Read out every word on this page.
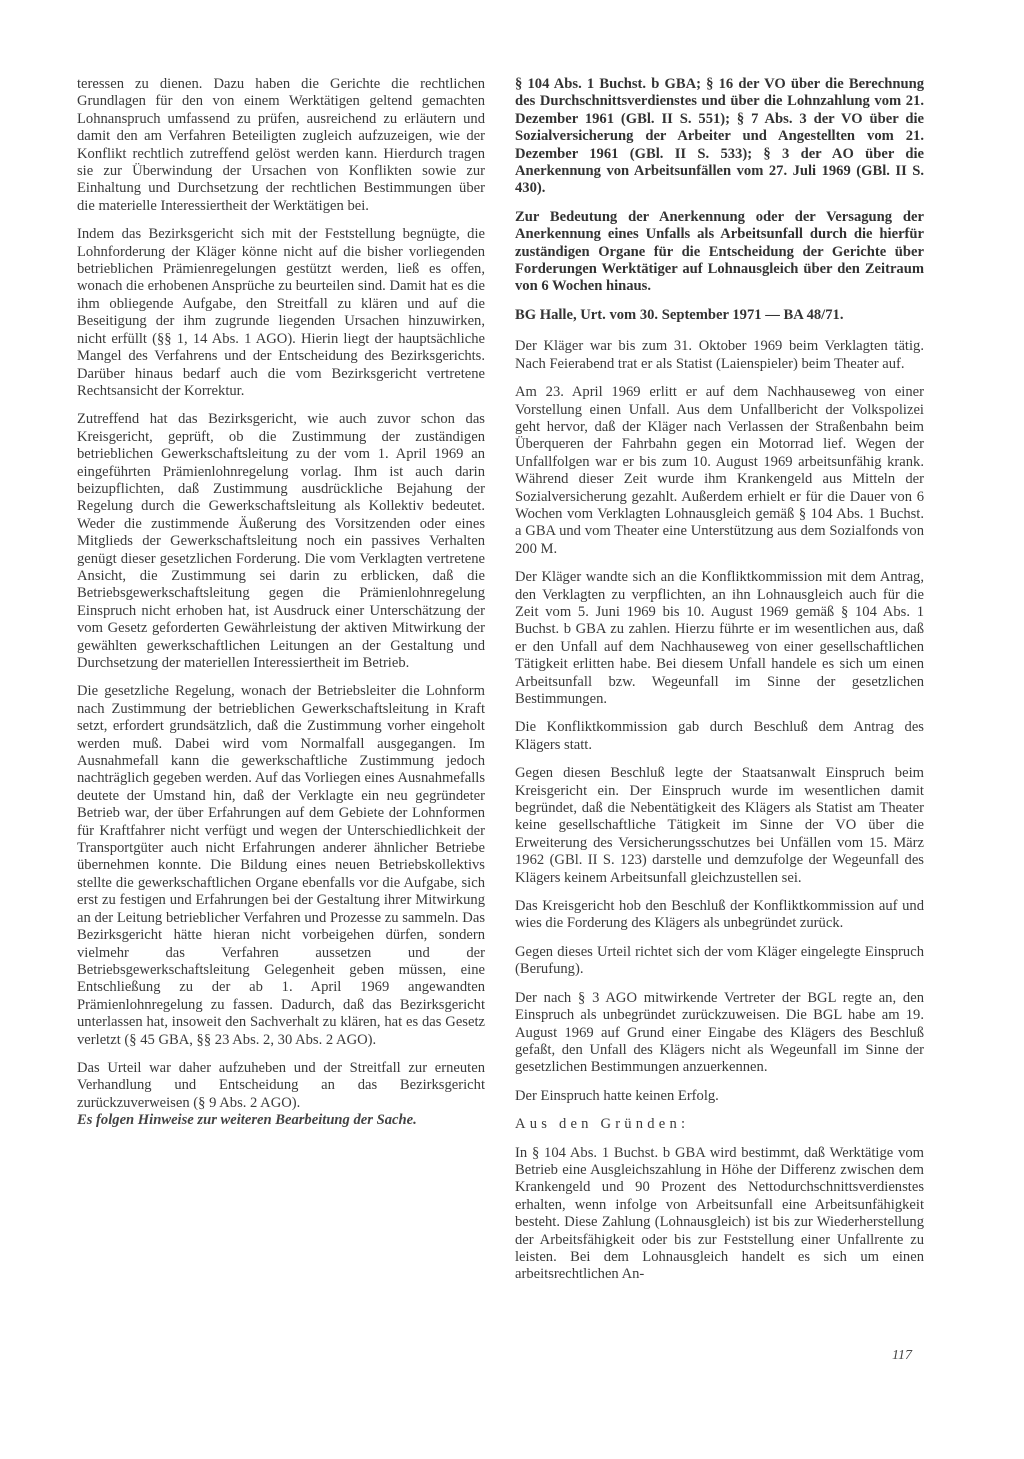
teressen zu dienen. Dazu haben die Gerichte die rechtlichen Grundlagen für den von einem Werktätigen geltend gemachten Lohnanspruch umfassend zu prüfen, ausreichend zu erläutern und damit den am Verfahren Beteiligten zugleich aufzuzeigen, wie der Konflikt rechtlich zutreffend gelöst werden kann. Hierdurch tragen sie zur Überwindung der Ursachen von Konflikten sowie zur Einhaltung und Durchsetzung der rechtlichen Bestimmungen über die materielle Interessiertheit der Werktätigen bei.

Indem das Bezirksgericht sich mit der Feststellung begnügte, die Lohnforderung der Kläger könne nicht auf die bisher vorliegenden betrieblichen Prämienregelungen gestützt werden, ließ es offen, wonach die erhobenen Ansprüche zu beurteilen sind. Damit hat es die ihm obliegende Aufgabe, den Streitfall zu klären und auf die Beseitigung der ihm zugrunde liegenden Ursachen hinzuwirken, nicht erfüllt (§§ 1, 14 Abs. 1 AGO). Hierin liegt der hauptsächliche Mangel des Verfahrens und der Entscheidung des Bezirksgerichts. Darüber hinaus bedarf auch die vom Bezirksgericht vertretene Rechtsansicht der Korrektur.

Zutreffend hat das Bezirksgericht, wie auch zuvor schon das Kreisgericht, geprüft, ob die Zustimmung der zuständigen betrieblichen Gewerkschaftsleitung zu der vom 1. April 1969 an eingeführten Prämienlohnregelung vorlag. Ihm ist auch darin beizupflichten, daß Zustimmung ausdrückliche Bejahung der Regelung durch die Gewerkschaftsleitung als Kollektiv bedeutet. Weder die zustimmende Äußerung des Vorsitzenden oder eines Mitglieds der Gewerkschaftsleitung noch ein passives Verhalten genügt dieser gesetzlichen Forderung. Die vom Verklagten vertretene Ansicht, die Zustimmung sei darin zu erblicken, daß die Betriebsgewerkschaftsleitung gegen die Prämienlohnregelung Einspruch nicht erhoben hat, ist Ausdruck einer Unterschätzung der vom Gesetz geforderten Gewährleistung der aktiven Mitwirkung der gewählten gewerkschaftlichen Leitungen an der Gestaltung und Durchsetzung der materiellen Interessiertheit im Betrieb.

Die gesetzliche Regelung, wonach der Betriebsleiter die Lohnform nach Zustimmung der betrieblichen Gewerkschaftsleitung in Kraft setzt, erfordert grundsätzlich, daß die Zustimmung vorher eingeholt werden muß. Dabei wird vom Normalfall ausgegangen. Im Ausnahmefall kann die gewerkschaftliche Zustimmung jedoch nachträglich gegeben werden. Auf das Vorliegen eines Ausnahmefalls deutete der Umstand hin, daß der Verklagte ein neu gegründeter Betrieb war, der über Erfahrungen auf dem Gebiete der Lohnformen für Kraftfahrer nicht verfügt und wegen der Unterschiedlichkeit der Transportgüter auch nicht Erfahrungen anderer ähnlicher Betriebe übernehmen konnte. Die Bildung eines neuen Betriebskollektivs stellte die gewerkschaftlichen Organe ebenfalls vor die Aufgabe, sich erst zu festigen und Erfahrungen bei der Gestaltung ihrer Mitwirkung an der Leitung betrieblicher Verfahren und Prozesse zu sammeln. Das Bezirksgericht hätte hieran nicht vorbeigehen dürfen, sondern vielmehr das Verfahren aussetzen und der Betriebsgewerkschaftsleitung Gelegenheit geben müssen, eine Entschließung zu der ab 1. April 1969 angewandten Prämienlohnregelung zu fassen. Dadurch, daß das Bezirksgericht unterlassen hat, insoweit den Sachverhalt zu klären, hat es das Gesetz verletzt (§ 45 GBA, §§ 23 Abs. 2, 30 Abs. 2 AGO).

Das Urteil war daher aufzuheben und der Streitfall zur erneuten Verhandlung und Entscheidung an das Bezirksgericht zurückzuverweisen (§ 9 Abs. 2 AGO).

Es folgen Hinweise zur weiteren Bearbeitung der Sache.

§ 104 Abs. 1 Buchst. b GBA; § 16 der VO über die Berechnung des Durchschnittsverdienstes und über die Lohnzahlung vom 21. Dezember 1961 (GBl. II S. 551); § 7 Abs. 3 der VO über die Sozialversicherung der Arbeiter und Angestellten vom 21. Dezember 1961 (GBl. II S. 533); § 3 der AO über die Anerkennung von Arbeitsunfällen vom 27. Juli 1969 (GBl. II S. 430).

Zur Bedeutung der Anerkennung oder der Versagung der Anerkennung eines Unfalls als Arbeitsunfall durch die hierfür zuständigen Organe für die Entscheidung der Gerichte über Forderungen Werktätiger auf Lohnausgleich über den Zeitraum von 6 Wochen hinaus.

BG Halle, Urt. vom 30. September 1971 — BA 48/71.

Der Kläger war bis zum 31. Oktober 1969 beim Verklagten tätig. Nach Feierabend trat er als Statist (Laienspieler) beim Theater auf.

Am 23. April 1969 erlitt er auf dem Nachhauseweg von einer Vorstellung einen Unfall. Aus dem Unfallbericht der Volkspolizei geht hervor, daß der Kläger nach Verlassen der Straßenbahn beim Überqueren der Fahrbahn gegen ein Motorrad lief. Wegen der Unfallfolgen war er bis zum 10. August 1969 arbeitsunfähig krank. Während dieser Zeit wurde ihm Krankengeld aus Mitteln der Sozialversicherung gezahlt. Außerdem erhielt er für die Dauer von 6 Wochen vom Verklagten Lohnausgleich gemäß § 104 Abs. 1 Buchst. a GBA und vom Theater eine Unterstützung aus dem Sozialfonds von 200 M.

Der Kläger wandte sich an die Konfliktkommission mit dem Antrag, den Verklagten zu verpflichten, an ihn Lohnausgleich auch für die Zeit vom 5. Juni 1969 bis 10. August 1969 gemäß § 104 Abs. 1 Buchst. b GBA zu zahlen. Hierzu führte er im wesentlichen aus, daß er den Unfall auf dem Nachhauseweg von einer gesellschaftlichen Tätigkeit erlitten habe. Bei diesem Unfall handele es sich um einen Arbeitsunfall bzw. Wegeunfall im Sinne der gesetzlichen Bestimmungen.

Die Konfliktkommission gab durch Beschluß dem Antrag des Klägers statt.

Gegen diesen Beschluß legte der Staatsanwalt Einspruch beim Kreisgericht ein. Der Einspruch wurde im wesentlichen damit begründet, daß die Nebentätigkeit des Klägers als Statist am Theater keine gesellschaftliche Tätigkeit im Sinne der VO über die Erweiterung des Versicherungsschutzes bei Unfällen vom 15. März 1962 (GBl. II S. 123) darstelle und demzufolge der Wegeunfall des Klägers keinem Arbeitsunfall gleichzustellen sei.

Das Kreisgericht hob den Beschluß der Konfliktkommission auf und wies die Forderung des Klägers als unbegründet zurück.

Gegen dieses Urteil richtet sich der vom Kläger eingelegte Einspruch (Berufung).

Der nach § 3 AGO mitwirkende Vertreter der BGL regte an, den Einspruch als unbegründet zurückzuweisen. Die BGL habe am 19. August 1969 auf Grund einer Eingabe des Klägers des Beschluß gefaßt, den Unfall des Klägers nicht als Wegeunfall im Sinne der gesetzlichen Bestimmungen anzuerkennen.

Der Einspruch hatte keinen Erfolg.

Aus den Gründen:

In § 104 Abs. 1 Buchst. b GBA wird bestimmt, daß Werktätige vom Betrieb eine Ausgleichszahlung in Höhe der Differenz zwischen dem Krankengeld und 90 Prozent des Nettodurchschnittsverdienstes erhalten, wenn infolge von Arbeitsunfall eine Arbeitsunfähigkeit besteht. Diese Zahlung (Lohnausgleich) ist bis zur Wiederherstellung der Arbeitsfähigkeit oder bis zur Feststellung einer Unfallrente zu leisten. Bei dem Lohnausgleich handelt es sich um einen arbeitsrechtlichen An-

117
